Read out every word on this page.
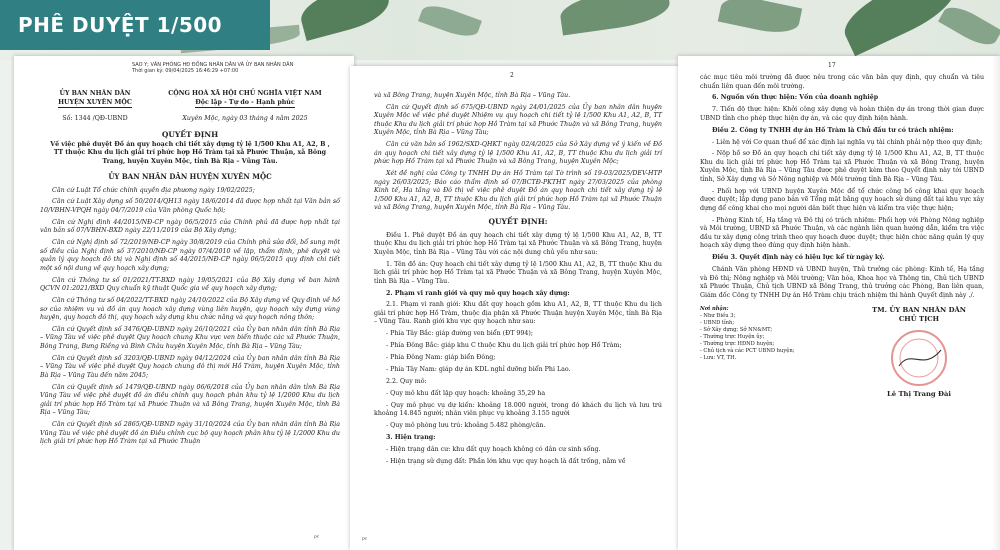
PHÊ DUYỆT 1/500
SAO Y; VĂN PHÒNG HĐ ĐỒNG NHÂN DÂN VÀ ỦY BAN NHÂN DÂN
Thời gian ký: 09/04/2025 16:46:29 +07:00
ỦY BAN NHÂN DÂN
HUYỆN XUYÊN MỘC
CỘNG HOÀ XÃ HỘI CHỦ NGHĨA VIỆT NAM
Độc lập - Tự do - Hạnh phúc
Số: 1344 /QĐ-UBND	Xuyên Mộc, ngày 03 tháng 4 năm 2025
QUYẾT ĐỊNH
Về việc phê duyệt Đồ án quy hoạch chi tiết xây dựng tỷ lệ 1/500 Khu A1, A2, B , TT thuộc Khu du lịch giải trí phức hợp Hồ Tràm tại xã Phước Thuận, xã Bông Trang, huyện Xuyên Mộc, tỉnh Bà Rịa – Vũng Tàu.
ỦY BAN NHÂN DÂN HUYỆN XUYÊN MỘC

Căn cứ Luật Tổ chức chính quyền địa phương ngày 19/02/2025;

Căn cứ Luật Xây dựng số 50/2014/QH13 ngày 18/6/2014 đã được hợp nhất tại Văn bản số 10/VBHN-VPQH ngày 04/7/2019 của Văn phòng Quốc hội;

Căn cứ Nghị định 44/2015/NĐ-CP ngày 06/5/2015 của Chính phủ đã được hợp nhất tại văn bản số 07/VBHN-BXD ngày 22/11/2019 của Bộ Xây dựng;

Căn cứ Nghị định số 72/2019/NĐ-CP ngày 30/8/2019 của Chính phủ sửa đổi, bổ sung một số điều của Nghị định số 37/2010/NĐ-CP ngày 07/4/2010 về lập, thẩm định, phê duyệt và quản lý quy hoạch đô thị và Nghị định số 44/2015/NĐ-CP ngày 06/5/2015 quy định chi tiết một số nội dung về quy hoạch xây dựng;

Căn cứ Thông tư số 01/2021/TT-BXD ngày 19/05/2021 của Bộ Xây dựng về ban hành QCVN 01:2021/BXD Quy chuẩn kỹ thuật Quốc gia về quy hoạch xây dựng;

Căn cứ Thông tư số 04/2022/TT-BXD ngày 24/10/2022 của Bộ Xây dựng về Quy định về hồ sơ của nhiệm vụ và đồ án quy hoạch xây dựng vùng liên huyện, quy hoạch xây dựng vùng huyện, quy hoạch đô thị, quy hoạch xây dựng khu chức năng và quy hoạch nông thôn;

Căn cứ Quyết định số 3476/QĐ-UBND ngày 26/10/2021 của Ủy ban nhân dân tỉnh Bà Rịa – Vũng Tàu về việc phê duyệt Quy hoạch chung Khu vực ven biển thuộc các xã Phước Thuận, Bông Trang, Bưng Riềng và Bình Châu huyện Xuyên Mộc, tỉnh Bà Rịa – Vũng Tàu;

Căn cứ Quyết định số 3203/QĐ-UBND ngày 04/12/2024 của Ủy ban nhân dân tỉnh Bà Rịa – Vũng Tàu về việc phê duyệt Quy hoạch chung đô thị mới Hồ Tràm, huyện Xuyên Mộc, tỉnh Bà Rịa – Vũng Tàu đến năm 2045;

Căn cứ Quyết định số 1479/QĐ-UBND ngày 06/6/2018 của Ủy ban nhân dân tỉnh Bà Rịa Vũng Tàu về việc phê duyệt đồ án điều chỉnh quy hoạch phân khu tỷ lệ 1/2000 Khu du lịch giải trí phức hợp Hồ Tràm tại xã Phước Thuận và xã Bông Trang, huyện Xuyên Mộc, tỉnh Bà Rịa – Vũng Tàu;

Căn cứ Quyết định số 2865/QĐ-UBND ngày 31/10/2024 của Ủy ban nhân dân tỉnh Bà Rịa Vũng Tàu về việc phê duyệt đồ án Điều chỉnh cục bộ quy hoạch phân khu tỷ lệ 1/2000 Khu du lịch giải trí phức hợp Hồ Tràm tại xã Phước Thuận

ᵖᶜ
2

và xã Bông Trang, huyện Xuyên Mộc, tỉnh Bà Rịa – Vũng Tàu.

Căn cứ Quyết định số 675/QĐ-UBND ngày 24/01/2025 của Ủy ban nhân dân huyện Xuyên Mộc về việc phê duyệt Nhiệm vụ quy hoạch chi tiết tỷ lệ 1/500 Khu A1, A2, B, TT thuộc Khu du lịch giải trí phức hợp Hồ Tràm tại xã Phước Thuận và xã Bông Trang, huyện Xuyên Mộc, tỉnh Bà Rịa – Vũng Tàu;

Căn cứ văn bản số 1962/SXD-QHKT ngày 02/4/2025 của Sở Xây dựng về ý kiến về Đồ án quy hoạch chi tiết xây dựng tỷ lệ 1/500 Khu A1, A2, B, TT thuộc Khu du lịch giải trí phức hợp Hồ Tràm tại xã Phước Thuận và xã Bông Trang, huyện Xuyên Mộc;

Xét đề nghị của Công ty TNHH Dự án Hồ Tràm tại Tờ trình số 19-03/2025/DEV-HTP ngày 26/03/2025; Báo cáo thẩm định số 07/BCTĐ-PKTHT ngày 27/03/2025 của phòng Kinh tế, Hạ tầng và Đô thị về việc phê duyệt Đồ án quy hoạch chi tiết xây dựng tỷ lệ 1/500 Khu A1, A2, B, TT thuộc Khu du lịch giải trí phức hợp Hồ Tràm tại xã Phước Thuận và xã Bông Trang, huyện Xuyên Mộc, tỉnh Bà Rịa – Vũng Tàu.

QUYẾT ĐỊNH:

Điều 1. Phê duyệt Đồ án quy hoạch chi tiết xây dựng tỷ lệ 1/500 Khu A1, A2, B, TT thuộc Khu du lịch giải trí phức hợp Hồ Tràm tại xã Phước Thuận và xã Bông Trang, huyện Xuyên Mộc, tỉnh Bà Rịa – Vũng Tàu với các nội dung chủ yếu như sau:

1. Tên đồ án: Quy hoạch chi tiết xây dựng tỷ lệ 1/500 Khu A1, A2, B, TT thuộc Khu du lịch giải trí phức hợp Hồ Tràm tại xã Phước Thuận và xã Bông Trang, huyện Xuyên Mộc, tỉnh Bà Rịa – Vũng Tàu.

2. Phạm vi ranh giới và quy mô quy hoạch xây dựng:

2.1. Phạm vi ranh giới: Khu đất quy hoạch gồm khu A1, A2, B, TT thuộc Khu du lịch giải trí phức hợp Hồ Tràm, thuộc địa phận xã Phước Thuận huyện Xuyên Mộc, tỉnh Bà Rịa – Vũng Tàu. Ranh giới khu vực quy hoạch như sau:

- Phía Tây Bắc: giáp đường ven biển (ĐT 994);

- Phía Đông Bắc: giáp khu C thuộc Khu du lịch giải trí phức hợp Hồ Tràm;

- Phía Đông Nam: giáp biển Đông;

- Phía Tây Nam: giáp dự án KDL nghỉ dưỡng biển Phi Lao.

2.2. Quy mô:

- Quy mô khu đất lập quy hoạch: khoảng 35,29 ha

- Quy mô phục vụ dự kiến: khoảng 18.000 người, trong đó khách du lịch và lưu trú khoảng 14.845 người; nhân viên phục vụ khoảng 3.155 người

- Quy mô phòng lưu trú: khoảng 5.482 phòng/căn.

3. Hiện trạng:

- Hiện trạng dân cư: khu đất quy hoạch không có dân cư sinh sống.

- Hiện trạng sử dụng đất: Phần lớn khu vực quy hoạch là đất trống, nằm về

ᵖᶜ
17

các mục tiêu môi trường đã được nêu trong các văn bản quy định, quy chuẩn và tiêu chuẩn liên quan đến môi trường.

6. Nguồn vốn thực hiện: Vốn của doanh nghiệp

7. Tiến độ thực hiện: Khởi công xây dựng và hoàn thiện dự án trong thời gian được UBND tỉnh cho phép thực hiện dự án, và các quy định hiện hành.

Điều 2. Công ty TNHH dự án Hồ Tràm là Chủ đầu tư có trách nhiệm:

- Liên hệ với Cơ quan thuế để xác định lại nghĩa vụ tài chính phải nộp theo quy định;

- Nộp hồ sơ Đồ án quy hoạch chi tiết xây dựng tỷ lệ 1/500 Khu A1, A2, B, TT thuộc Khu du lịch giải trí phức hợp Hồ Tràm tại xã Phước Thuận và xã Bông Trang, huyện Xuyên Mộc, tỉnh Bà Rịa – Vũng Tàu được phê duyệt kèm theo Quyết định này tới UBND tỉnh, Sở Xây dựng và Sở Nông nghiệp và Môi trường tỉnh Bà Rịa – Vũng Tàu.

- Phối hợp với UBND huyện Xuyên Mộc để tổ chức công bố công khai quy hoạch được duyệt; lắp dựng pano bản vẽ Tổng mặt bằng quy hoạch sử dụng đất tại khu vực xây dựng để công khai cho mọi người dân biết thực hiện và kiểm tra việc thực hiện;

- Phòng Kinh tế, Hạ tầng và Đô thị có trách nhiệm: Phối hợp với Phòng Nông nghiệp và Môi trường, UBND xã Phước Thuận, và các ngành liên quan hướng dẫn, kiểm tra việc đầu tư xây dựng công trình theo quy hoạch được duyệt; thực hiện chức năng quản lý quy hoạch xây dựng theo đúng quy định hiện hành.

Điều 3. Quyết định này có hiệu lực kể từ ngày ký.

Chánh Văn phòng HĐND và UBND huyện, Thủ trưởng các phòng: Kinh tế, Hạ tầng và Đô thị; Nông nghiệp và Môi trường; Văn hóa, Khoa học và Thông tin, Chủ tịch UBND xã Phước Thuận, Chủ tịch UBND xã Bông Trang, thủ trưởng các Phòng, Ban liên quan, Giám đốc Công ty TNHH Dự án Hồ Tràm chịu trách nhiệm thi hành Quyết định này ./.

Nơi nhận:
- Như Điều 3;
- UBND tỉnh;
- Sở Xây dựng; Sở NN&MT;
- Thường trực Huyện ủy;
- Thường trực HĐND huyện;
- Chủ tịch và các PCT UBND huyện;
- Lưu: VT, TH.
TM. ỦY BAN NHÂN DÂN
CHỦ TỊCH
Lê Thị Trang Đài
